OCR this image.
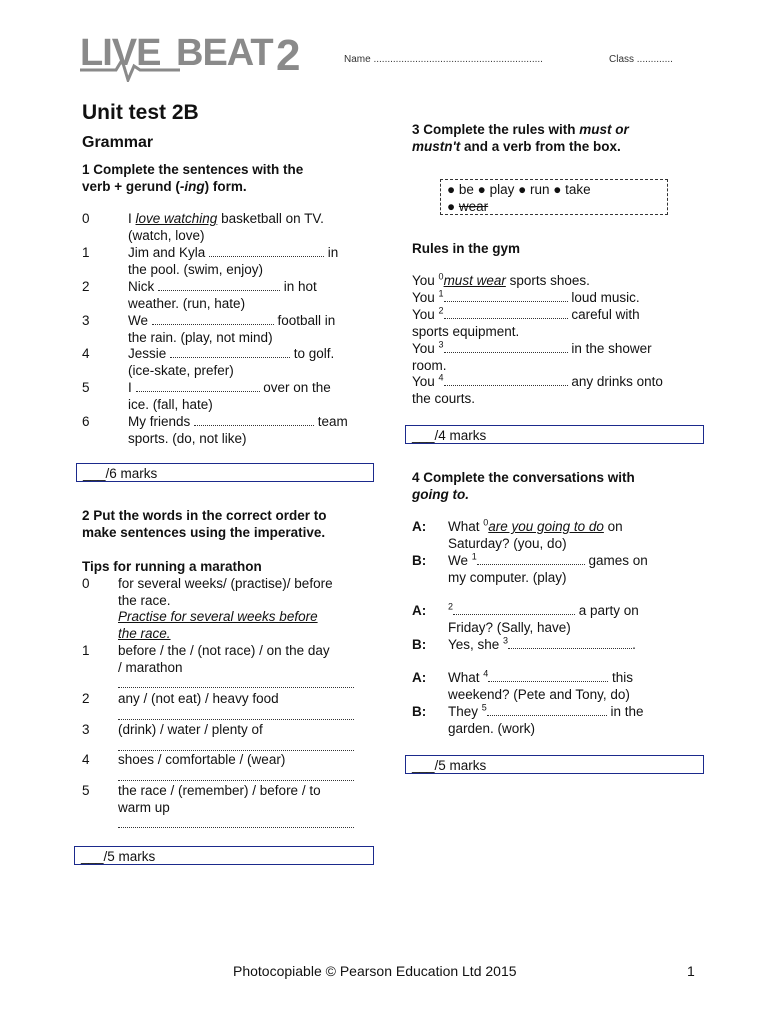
LIVE BEAT 2	Name .............................................................	Class .............
Unit test 2B
Grammar
1 Complete the sentences with the
verb + gerund (-ing) form.
0	I love watching basketball on TV.
(watch, love)
1	Jim and Kyla	in
the pool. (swim, enjoy)
2	Nick	in hot
weather. (run, hate)
3	We	football in
the rain. (play, not mind)
4	Jessie	to golf.
(ice-skate, prefer)
5	I	over on the
ice. (fall, hate)
6	My friends	team
sports. (do, not like)
___/6 marks
2 Put the words in the correct order to
make sentences using the imperative.
Tips for running a marathon
0	for several weeks/ (practise)/ before
the race.
Practise for several weeks before
the race.
1	before / the / (not race) / on the day
/ marathon
2	any / (not eat) / heavy food
3	(drink) / water / plenty of
4	shoes / comfortable / (wear)
5	the race / (remember) / before / to
warm up
___/5 marks
3 Complete the rules with must or
mustn't and a verb from the box.
● be ● play ● run ● take
● wear
Rules in the gym
You $^0$must wear sports shoes.
You $^1$	loud music.
You $^2$	careful with
sports equipment.
You $^3$	in the shower
room.
You $^4$	any drinks onto
the courts.
___/4 marks
4 Complete the conversations with
going to.
A: What $^0$are you going to do on
Saturday? (you, do)
B: We $^1$	games on
my computer. (play)
A: $^2$	a party on
Friday? (Sally, have)
B: Yes, she $^3$	.
A: What $^4$	this
weekend? (Pete and Tony, do)
B: They $^5$	in the
garden. (work)
___/5 marks
Photocopiable © Pearson Education Ltd 2015	1
